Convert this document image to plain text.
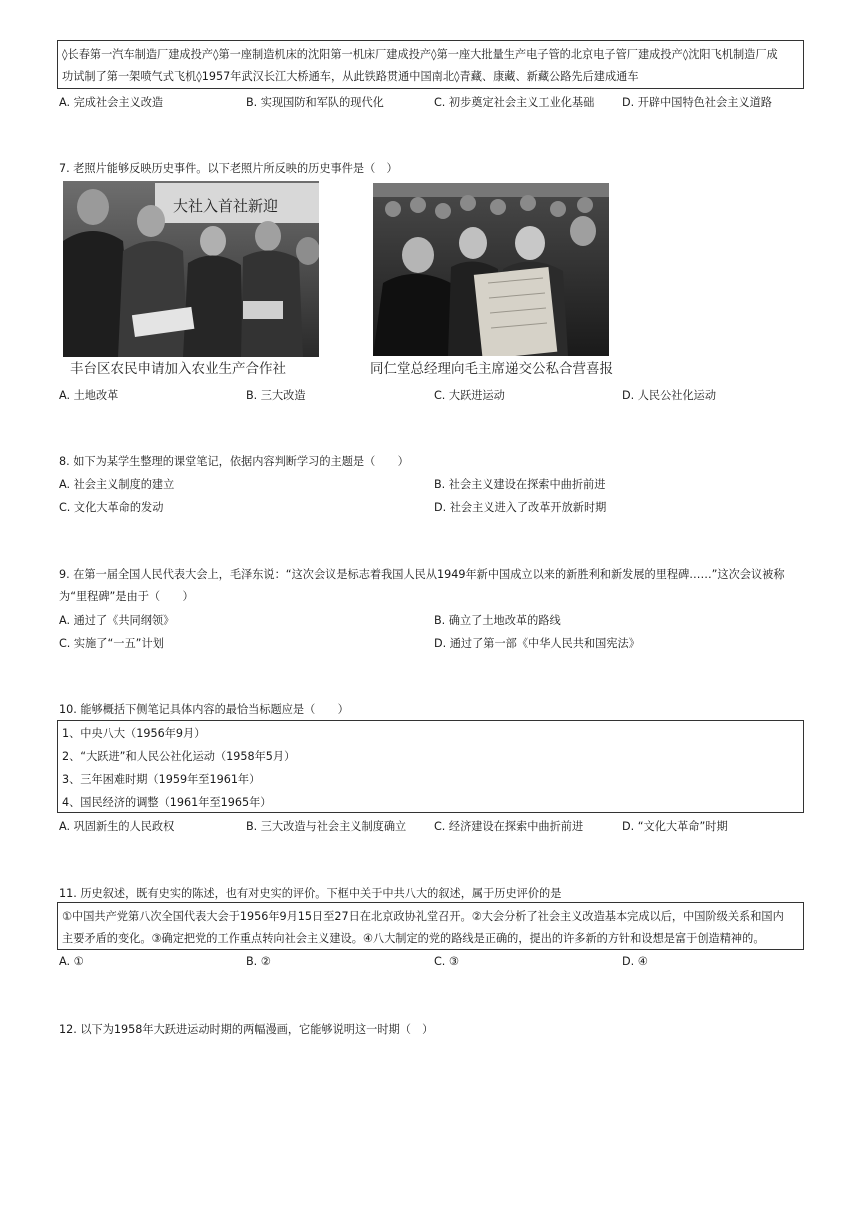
◊长春第一汽车制造厂建成投产◊第一座制造机床的沈阳第一机床厂建成投产◊第一座大批量生产电子管的北京电子管厂建成投产◊沈阳飞机制造厂成
功试制了第一架喷气式飞机◊1957年武汉长江大桥通车，从此铁路贯通中国南北◊青藏、康藏、新藏公路先后建成通车
A. 完成社会主义改造	B. 实现国防和军队的现代化	C. 初步奠定社会主义工业化基础 D. 开辟中国特色社会主义道路
7. 老照片能够反映历史事件。以下老照片所反映的历史事件是（　）
大社入首社新迎
丰台区农民申请加入农业生产合作社	同仁堂总经理向毛主席递交公私合营喜报
A. 土地改革	B. 三大改造	C. 大跃进运动	D. 人民公社化运动
8. 如下为某学生整理的课堂笔记，依据内容判断学习的主题是（　　）
A. 社会主义制度的建立	B. 社会主义建设在探索中曲折前进
C. 文化大革命的发动	D. 社会主义进入了改革开放新时期
9. 在第一届全国人民代表大会上，毛泽东说：“这次会议是标志着我国人民从1949年新中国成立以来的新胜利和新发展的里程碑……”这次会议被称
为“里程碑”是由于（　　）
A. 通过了《共同纲领》	B. 确立了土地改革的路线
C. 实施了“一五”计划	D. 通过了第一部《中华人民共和国宪法》
10. 能够概括下侧笔记具体内容的最恰当标题应是（　　）
1、中央八大（1956年9月）
2、“大跃进”和人民公社化运动（1958年5月）
3、三年困难时期（1959年至1961年）
4、国民经济的调整（1961年至1965年）
A. 巩固新生的人民政权	B. 三大改造与社会主义制度确立 C. 经济建设在探索中曲折前进	D. “文化大革命”时期
11. 历史叙述，既有史实的陈述，也有对史实的评价。下框中关于中共八大的叙述，属于历史评价的是
①中国共产党第八次全国代表大会于1956年9月15日至27日在北京政协礼堂召开。②大会分析了社会主义改造基本完成以后，中国阶级关系和国内
主要矛盾的变化。③确定把党的工作重点转向社会主义建设。④八大制定的党的路线是正确的，提出的许多新的方针和设想是富于创造精神的。
A. ①	B. ②	C. ③	D. ④
12. 以下为1958年大跃进运动时期的两幅漫画，它能够说明这一时期（　）
